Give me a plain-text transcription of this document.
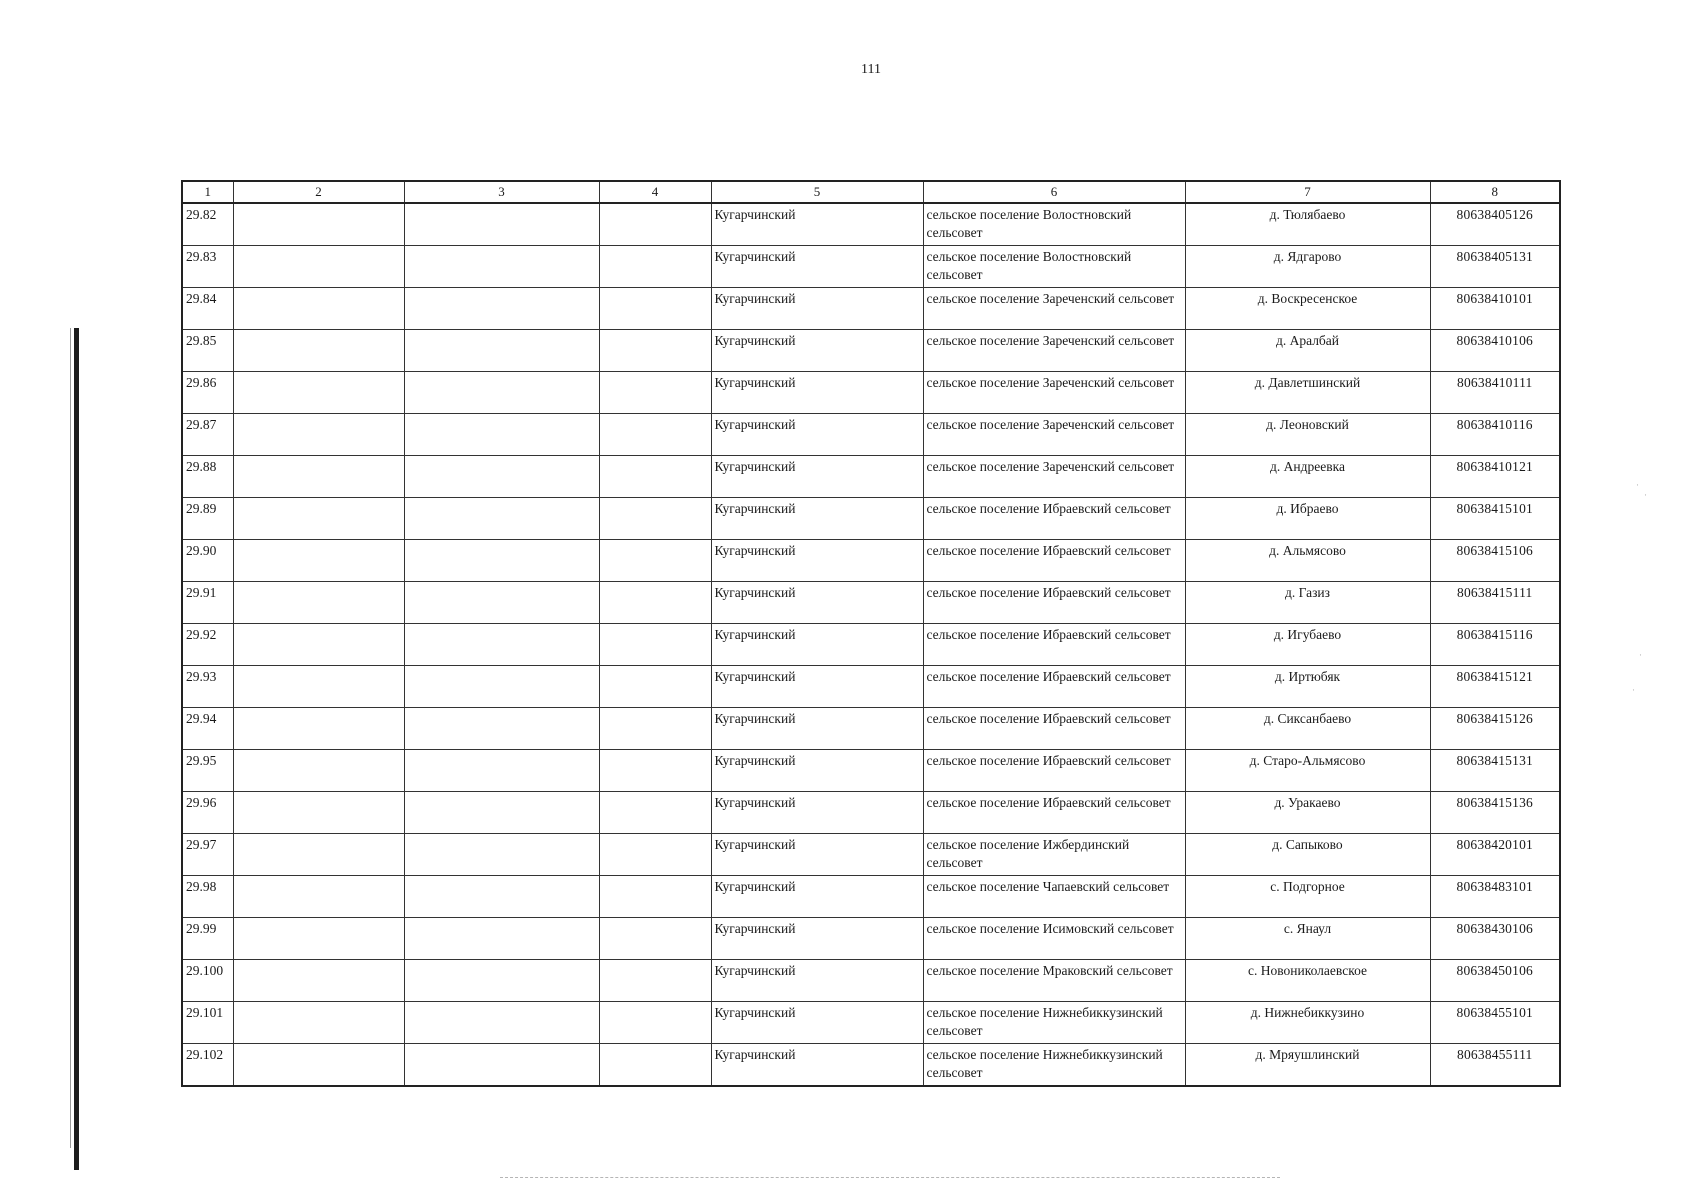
111
·
·
·
·
1	2	3	4	5	6	7	8
29.82				Кугарчинский	сельское поселение Волостновский сельсовет	д. Тюлябаево	80638405126
29.83				Кугарчинский	сельское поселение Волостновский сельсовет	д. Ядгарово	80638405131
29.84				Кугарчинский	сельское поселение Зареченский сельсовет	д. Воскресенское	80638410101
29.85				Кугарчинский	сельское поселение Зареченский сельсовет	д. Аралбай	80638410106
29.86				Кугарчинский	сельское поселение Зареченский сельсовет	д. Давлетшинский	80638410111
29.87				Кугарчинский	сельское поселение Зареченский сельсовет	д. Леоновский	80638410116
29.88				Кугарчинский	сельское поселение Зареченский сельсовет	д. Андреевка	80638410121
29.89				Кугарчинский	сельское поселение Ибраевский сельсовет	д. Ибраево	80638415101
29.90				Кугарчинский	сельское поселение Ибраевский сельсовет	д. Альмясово	80638415106
29.91				Кугарчинский	сельское поселение Ибраевский сельсовет	д. Газиз	80638415111
29.92				Кугарчинский	сельское поселение Ибраевский сельсовет	д. Игубаево	80638415116
29.93				Кугарчинский	сельское поселение Ибраевский сельсовет	д. Иртюбяк	80638415121
29.94				Кугарчинский	сельское поселение Ибраевский сельсовет	д. Сиксанбаево	80638415126
29.95				Кугарчинский	сельское поселение Ибраевский сельсовет	д. Старо-Альмясово	80638415131
29.96				Кугарчинский	сельское поселение Ибраевский сельсовет	д. Уракаево	80638415136
29.97				Кугарчинский	сельское поселение Ижбердинский сельсовет	д. Сапыково	80638420101
29.98				Кугарчинский	сельское поселение Чапаевский сельсовет	с. Подгорное	80638483101
29.99				Кугарчинский	сельское поселение Исимовский сельсовет	с. Янаул	80638430106
29.100				Кугарчинский	сельское поселение Мраковский сельсовет	с. Новониколаевское	80638450106
29.101				Кугарчинский	сельское поселение Нижнебиккузинский сельсовет	д. Нижнебиккузино	80638455101
29.102				Кугарчинский	сельское поселение Нижнебиккузинский сельсовет	д. Мряушлинский	80638455111
